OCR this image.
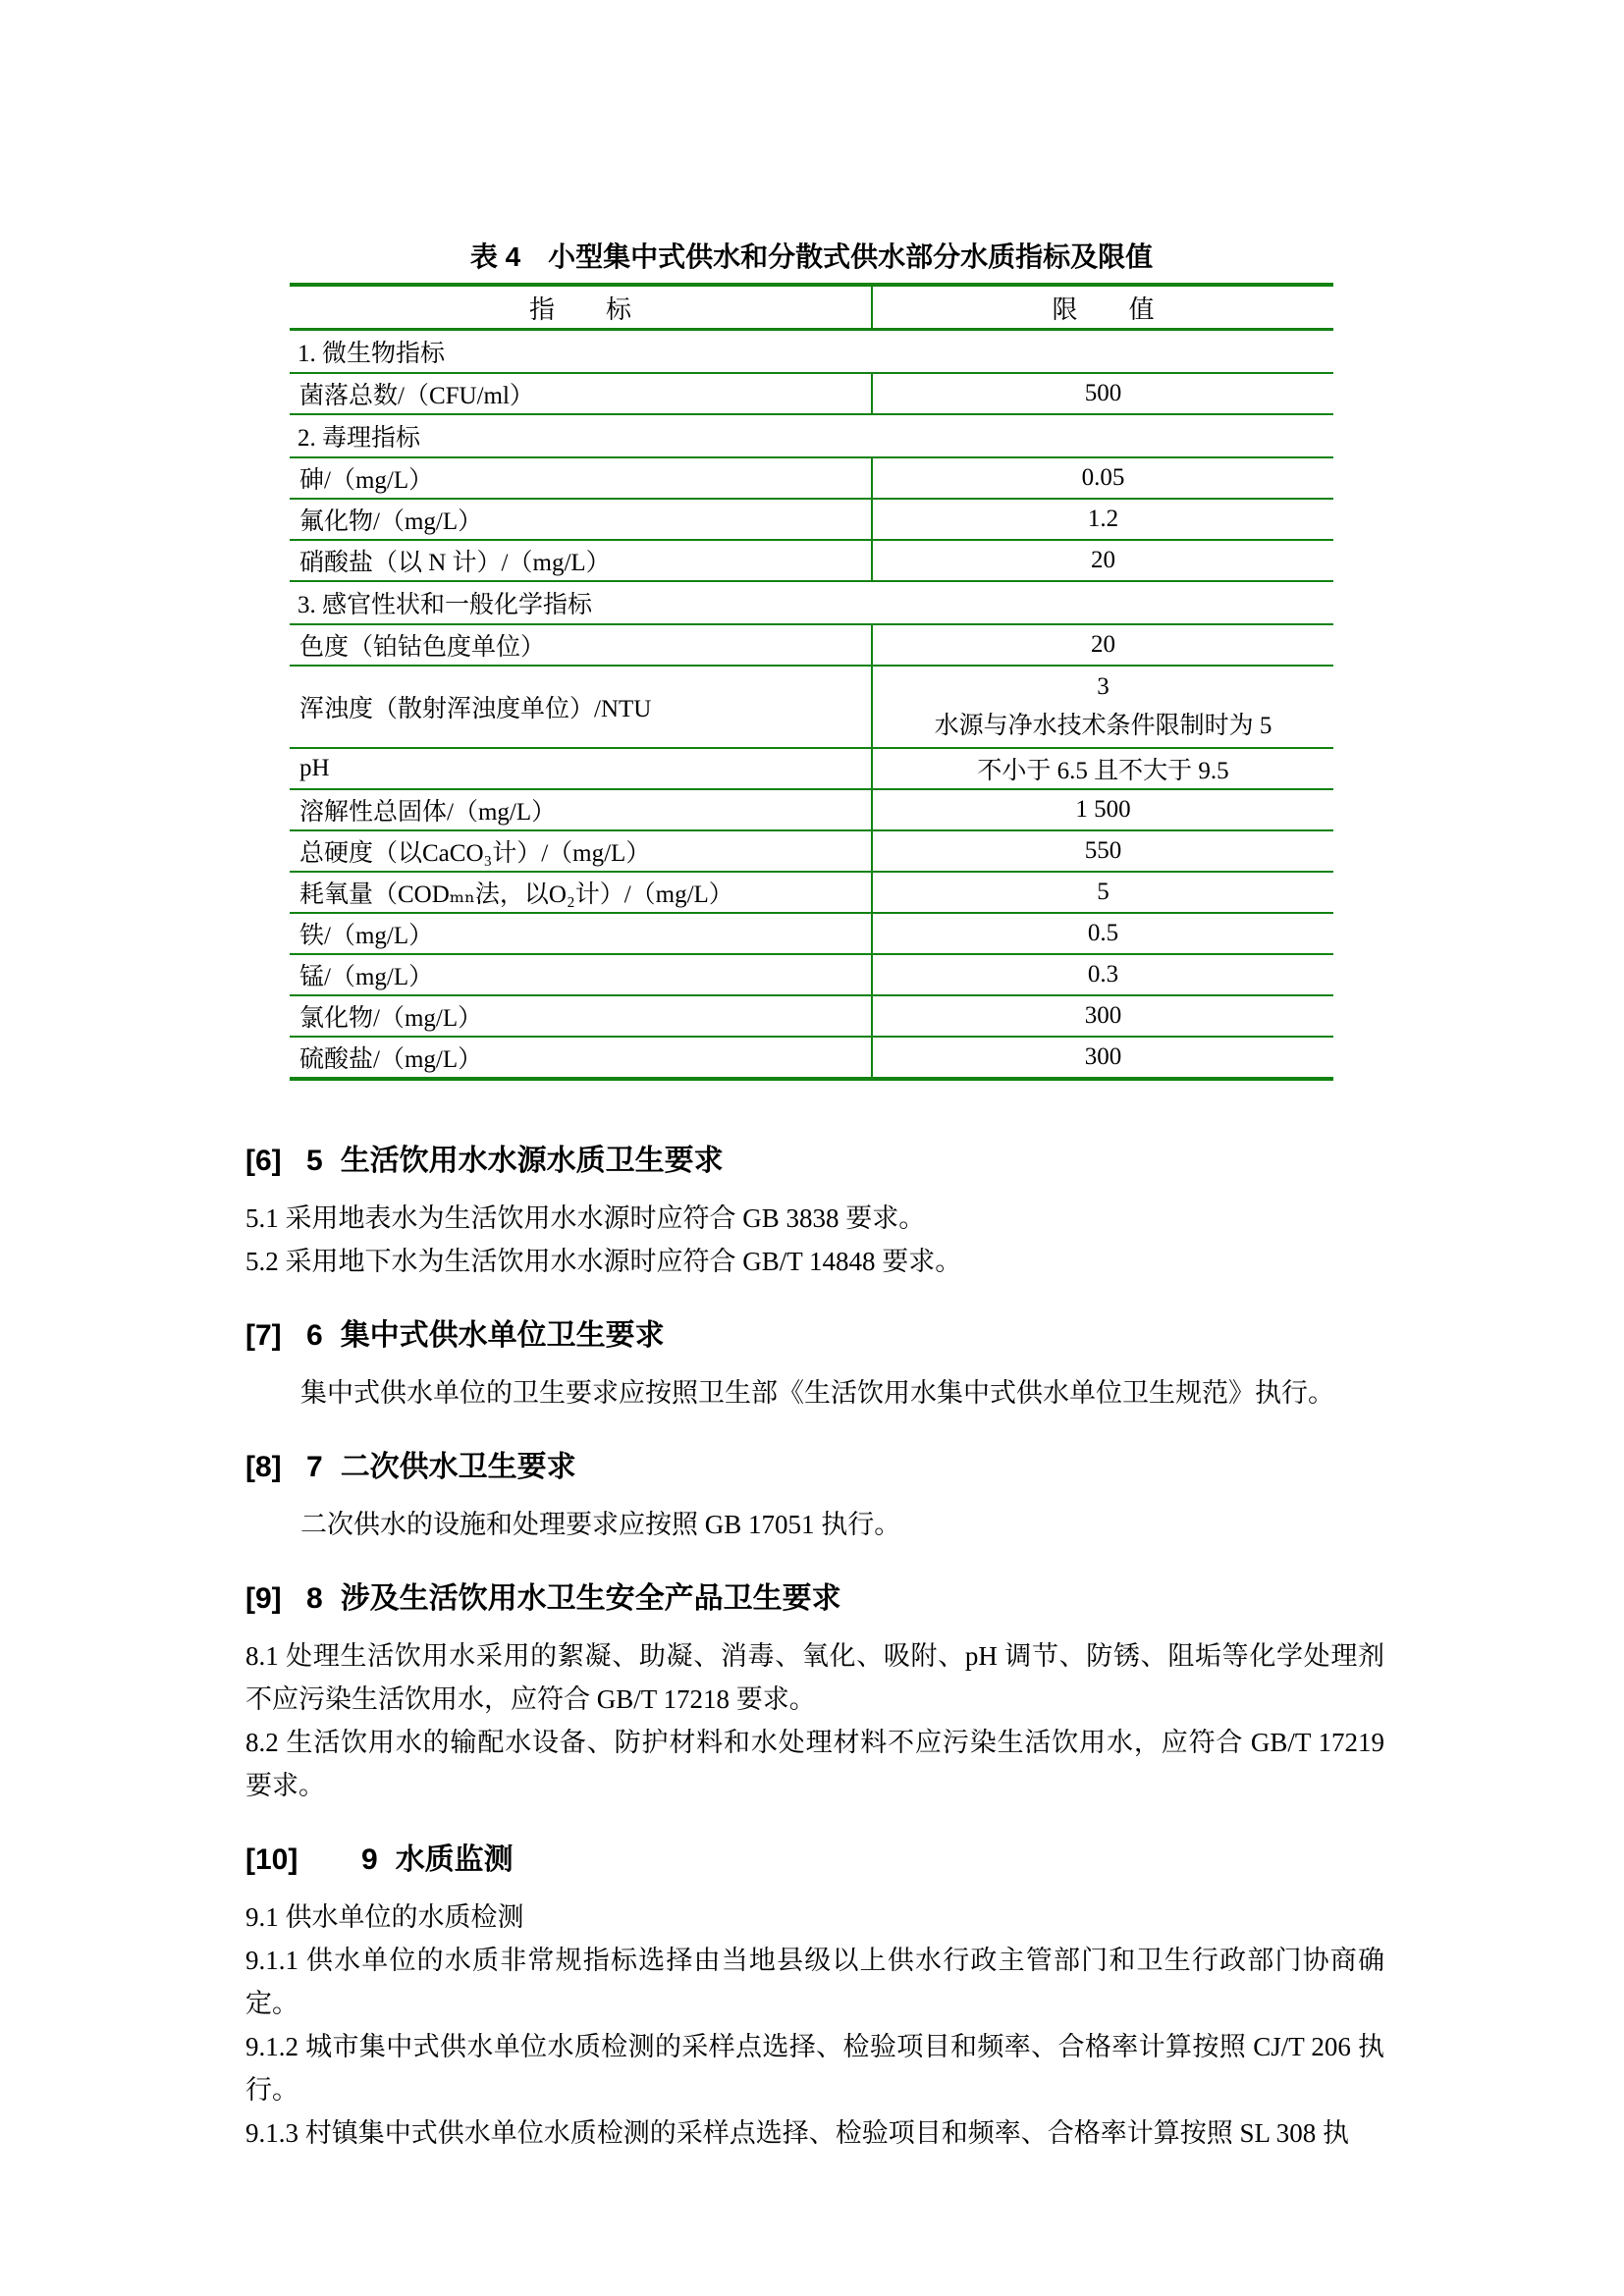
表 4　小型集中式供水和分散式供水部分水质指标及限值
指　　标	限　　值
1. 微生物指标	
菌落总数/（CFU/ml）	500
2. 毒理指标	
砷/（mg/L）	0.05
氟化物/（mg/L）	1.2
硝酸盐（以 N 计）/（mg/L）	20
3. 感官性状和一般化学指标	
色度（铂钴色度单位）	20
浑浊度（散射浑浊度单位）/NTU	3
水源与净水技术条件限制时为 5

pH	不小于 6.5 且不大于 9.5
溶解性总固体/（mg/L）	1 500
总硬度（以CaCO₃计）/（mg/L）	550
耗氧量（CODₘₙ法，以O₂计）/（mg/L）	5
铁/（mg/L）	0.5
锰/（mg/L）	0.3
氯化物/（mg/L）	300
硫酸盐/（mg/L）	300
[6] 5 生活饮用水水源水质卫生要求

5.1 采用地表水为生活饮用水水源时应符合 GB 3838 要求。

5.2 采用地下水为生活饮用水水源时应符合 GB/T 14848 要求。

[7] 6 集中式供水单位卫生要求

集中式供水单位的卫生要求应按照卫生部《生活饮用水集中式供水单位卫生规范》执行。

[8] 7 二次供水卫生要求

二次供水的设施和处理要求应按照 GB 17051 执行。

[9] 8 涉及生活饮用水卫生安全产品卫生要求

8.1 处理生活饮用水采用的絮凝、助凝、消毒、氧化、吸附、pH 调节、防锈、阻垢等化学处理剂不应污染生活饮用水，应符合 GB/T 17218 要求。

8.2 生活饮用水的输配水设备、防护材料和水处理材料不应污染生活饮用水，应符合 GB/T 17219 要求。

[10] 9 水质监测

9.1 供水单位的水质检测

9.1.1 供水单位的水质非常规指标选择由当地县级以上供水行政主管部门和卫生行政部门协商确定。

9.1.2 城市集中式供水单位水质检测的采样点选择、检验项目和频率、合格率计算按照 CJ/T 206 执行。

9.1.3 村镇集中式供水单位水质检测的采样点选择、检验项目和频率、合格率计算按照 SL 308 执
